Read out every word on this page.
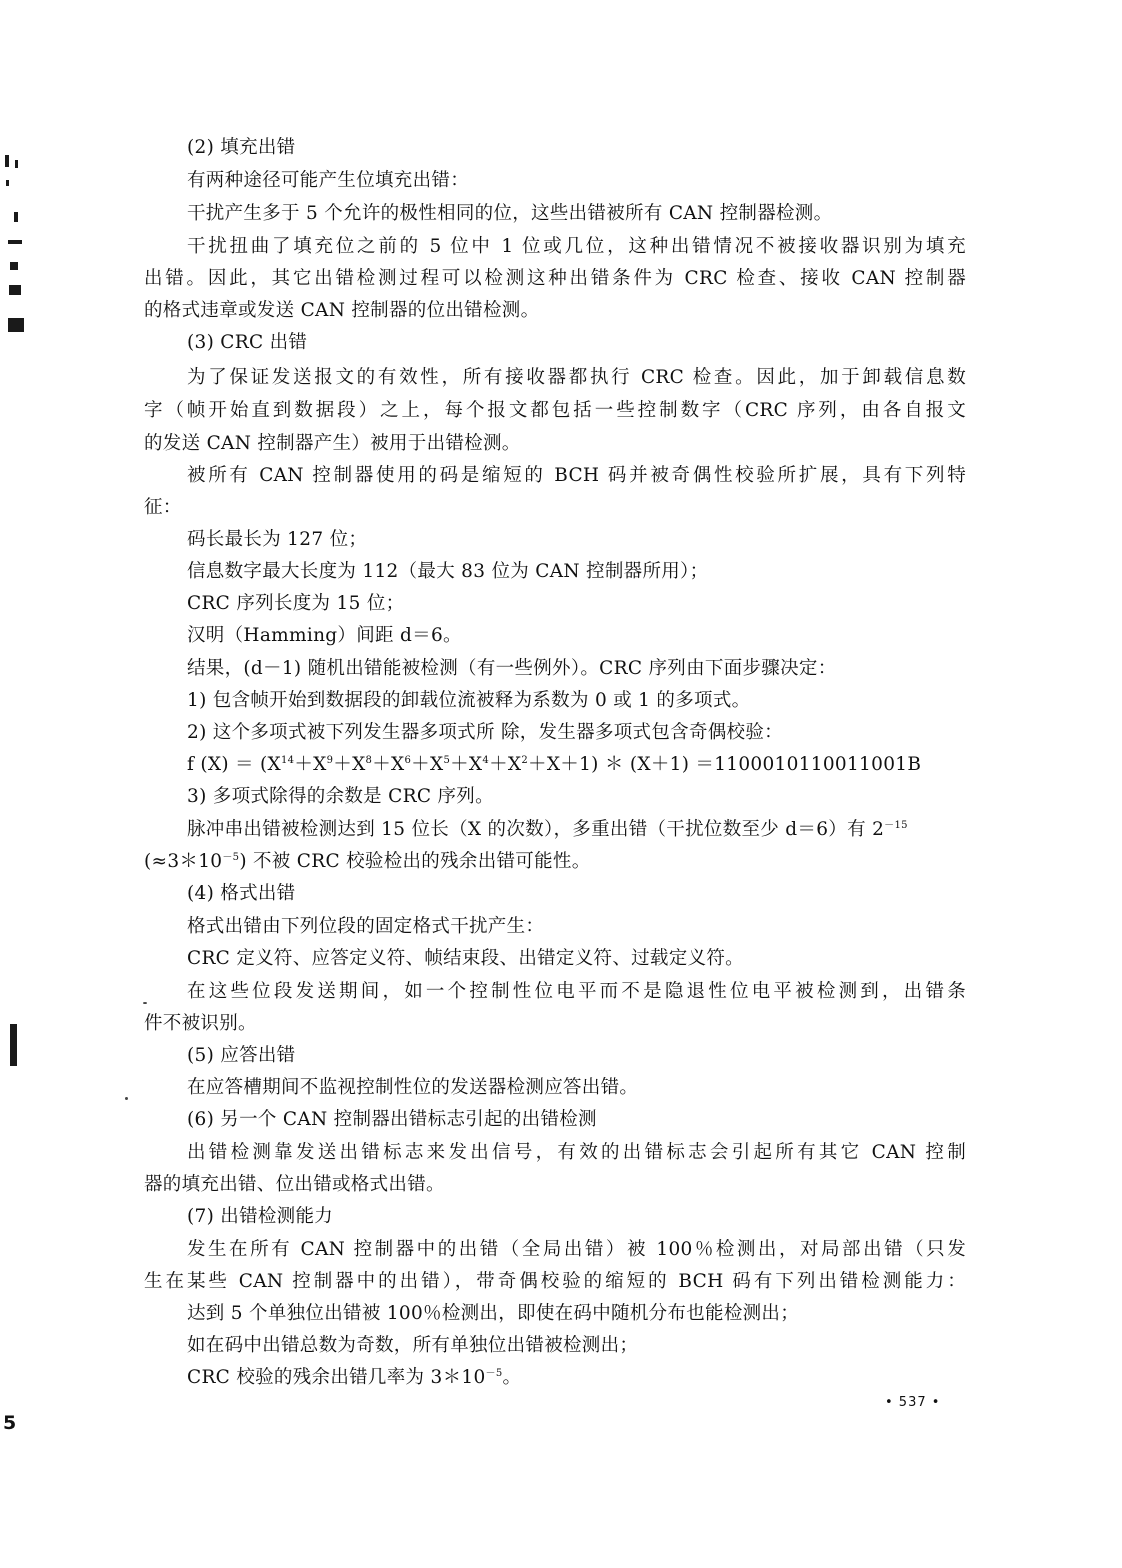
(2) 填充出错
有两种途径可能产生位填充出错：
干扰产生多于 5 个允许的极性相同的位，这些出错被所有 CAN 控制器检测。
干扰扭曲了填充位之前的 5 位中 1 位或几位，这种出错情况不被接收器识别为填充
出错。因此，其它出错检测过程可以检测这种出错条件为 CRC 检查、接收 CAN 控制器
的格式违章或发送 CAN 控制器的位出错检测。
(3) CRC 出错
为了保证发送报文的有效性，所有接收器都执行 CRC 检查。因此，加于卸载信息数
字（帧开始直到数据段）之上，每个报文都包括一些控制数字（CRC 序列，由各自报文
的发送 CAN 控制器产生）被用于出错检测。
被所有 CAN 控制器使用的码是缩短的 BCH 码并被奇偶性校验所扩展，具有下列特
征：
码长最长为 127 位；
信息数字最大长度为 112（最大 83 位为 CAN 控制器所用）；
CRC 序列长度为 15 位；
汉明（Hamming）间距 d＝6。
结果，(d－1) 随机出错能被检测（有一些例外）。CRC 序列由下面步骤决定：
1) 包含帧开始到数据段的卸载位流被释为系数为 0 或 1 的多项式。
2) 这个多项式被下列发生器多项式所 除，发生器多项式包含奇偶校验：
f $(X) = (X^{14}+X^9+X^8+X^6+X^5+X^4+X^2+X+1)$ ＊ (X＋1) ＝1100010110011001B
3) 多项式除得的余数是 CRC 序列。
脉冲串出错被检测达到 15 位长（X 的次数），多重出错（干扰位数至少 d＝6）有 $2^{-15}$
$(\approx 3*10^{-5})$ 不被 CRC 校验检出的残余出错可能性。
(4) 格式出错
格式出错由下列位段的固定格式干扰产生：
CRC 定义符、应答定义符、帧结束段、出错定义符、过载定义符。
在这些位段发送期间，如一个控制性位电平而不是隐退性位电平被检测到，出错条
件不被识别。
(5) 应答出错
在应答槽期间不监视控制性位的发送器检测应答出错。
(6) 另一个 CAN 控制器出错标志引起的出错检测
出错检测靠发送出错标志来发出信号，有效的出错标志会引起所有其它 CAN 控制
器的填充出错、位出错或格式出错。
(7) 出错检测能力
发生在所有 CAN 控制器中的出错（全局出错）被 100％检测出，对局部出错（只发
生在某些 CAN 控制器中的出错），带奇偶校验的缩短的 BCH 码有下列出错检测能力：
达到 5 个单独位出错被 100％检测出，即使在码中随机分布也能检测出；
如在码中出错总数为奇数，所有单独位出错被检测出；
CRC 校验的残余出错几率为 $3*10^{-5}$。
• 537 •
5
